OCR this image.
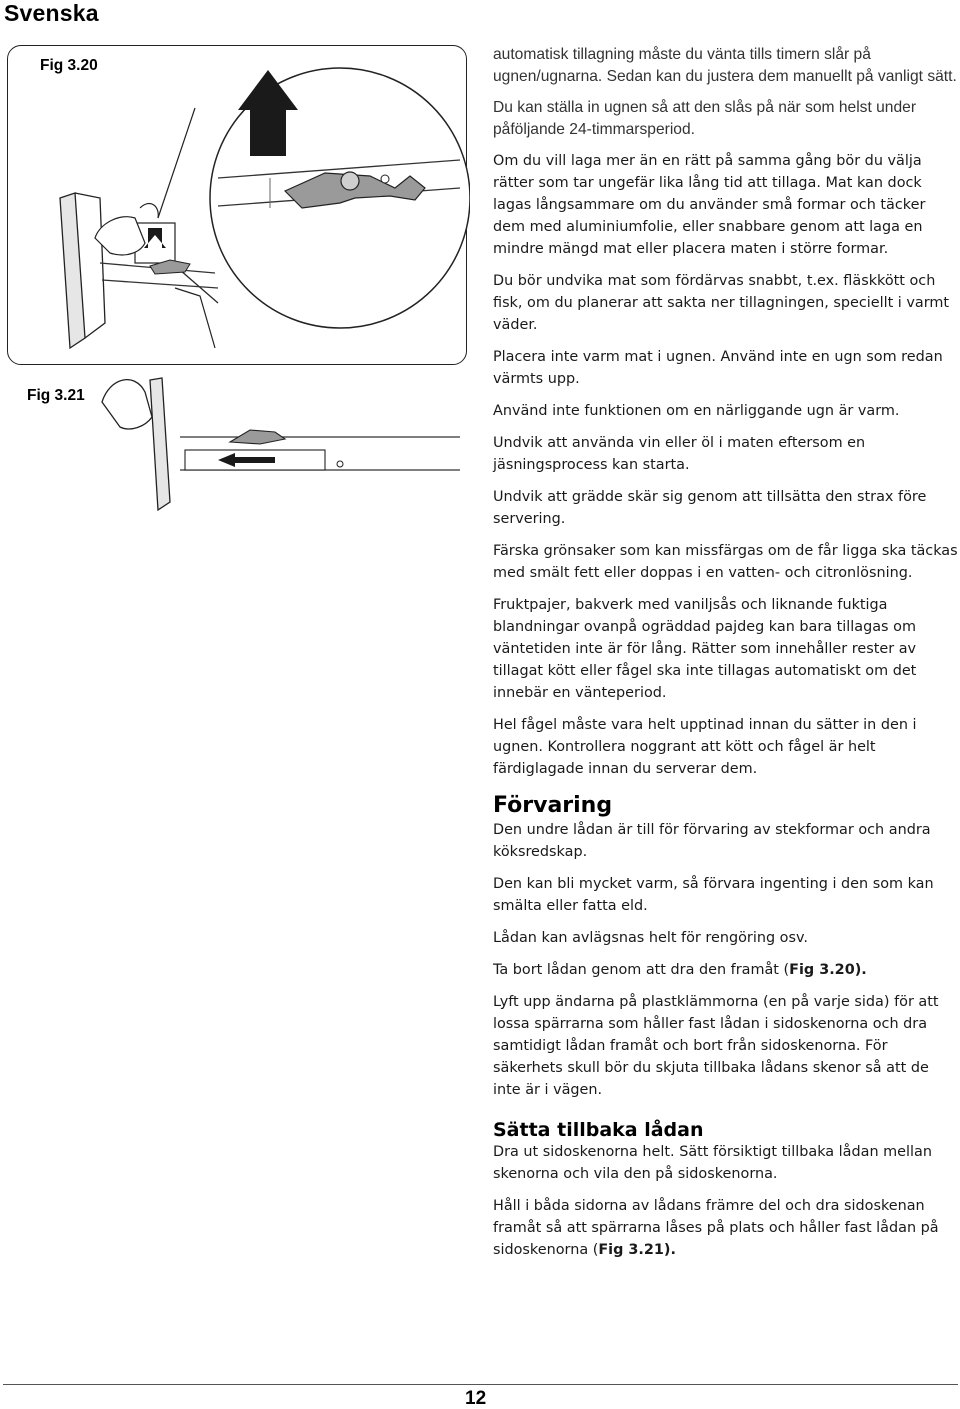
Svenska
Fig 3.20
Fig 3.21

automatisk tillagning måste du vänta tills timern slår på ugnen/ugnarna. Sedan kan du justera dem manuellt på vanligt sätt.

Du kan ställa in ugnen så att den slås på när som helst under påföljande 24-timmarsperiod.

Om du vill laga mer än en rätt på samma gång bör du välja rätter som tar ungefär lika lång tid att tillaga. Mat kan dock lagas långsammare om du använder små formar och täcker dem med aluminiumfolie, eller snabbare genom att laga en mindre mängd mat eller placera maten i större formar.

Du bör undvika mat som fördärvas snabbt, t.ex. fläskkött och fisk, om du planerar att sakta ner tillagningen, speciellt i varmt väder.

Placera inte varm mat i ugnen. Använd inte en ugn som redan värmts upp.

Använd inte funktionen om en närliggande ugn är varm.

Undvik att använda vin eller öl i maten eftersom en jäsningsprocess kan starta.

Undvik att grädde skär sig genom att tillsätta den strax före servering.

Färska grönsaker som kan missfärgas om de får ligga ska täckas med smält fett eller doppas i en vatten- och citronlösning.

Fruktpajer, bakverk med vaniljsås och liknande fuktiga blandningar ovanpå ogräddad pajdeg kan bara tillagas om väntetiden inte är för lång. Rätter som innehåller rester av tillagat kött eller fågel ska inte tillagas automatiskt om det innebär en vänteperiod.

Hel fågel måste vara helt upptinad innan du sätter in den i ugnen. Kontrollera noggrant att kött och fågel är helt färdiglagade innan du serverar dem.

Förvaring

Den undre lådan är till för förvaring av stekformar och andra köksredskap.

Den kan bli mycket varm, så förvara ingenting i den som kan smälta eller fatta eld.

Lådan kan avlägsnas helt för rengöring osv.

Ta bort lådan genom att dra den framåt (Fig 3.20).

Lyft upp ändarna på plastklämmorna (en på varje sida) för att lossa spärrarna som håller fast lådan i sidoskenorna och dra samtidigt lådan framåt och bort från sidoskenorna. För säkerhets skull bör du skjuta tillbaka lådans skenor så att de inte är i vägen.

Sätta tillbaka lådan

Dra ut sidoskenorna helt. Sätt försiktigt tillbaka lådan mellan skenorna och vila den på sidoskenorna.

Håll i båda sidorna av lådans främre del och dra sidoskenan framåt så att spärrarna låses på plats och håller fast lådan på sidoskenorna (Fig 3.21).

12
